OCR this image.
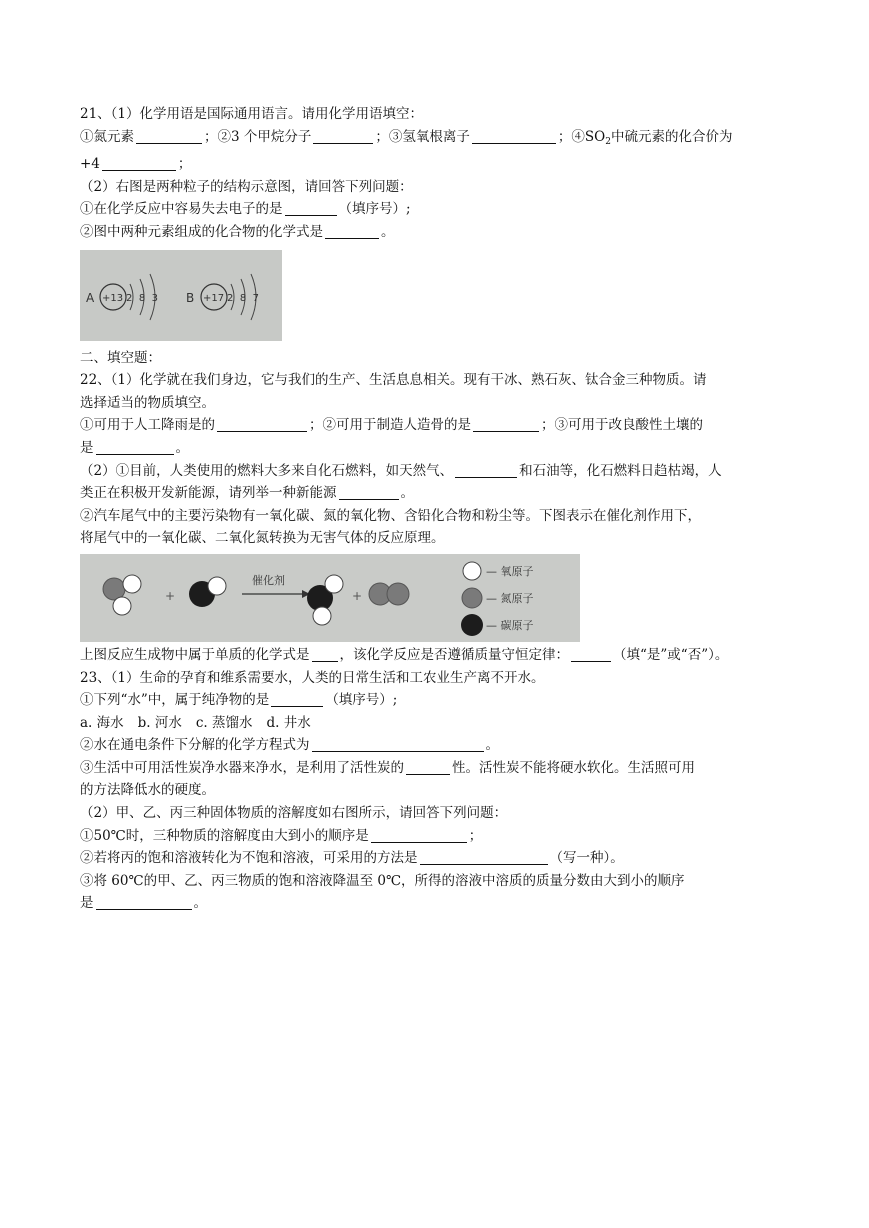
21、（1）化学用语是国际通用语言。请用化学用语填空：
①氮元素	；②3 个甲烷分子	；③氢氧根离子	；$④SO_2$中硫元素的化合价为
+4	；
（2）右图是两种粒子的结构示意图，请回答下列问题：
①在化学反应中容易失去电子的是	（填序号）;
②图中两种元素组成的化合物的化学式是	。
A +13 2 8 3 B +17 2 8 7
二、填空题：
22、（1）化学就在我们身边，它与我们的生产、生活息息相关。现有干冰、熟石灰、钛合金三种物质。请
选择适当的物质填空。
①可用于人工降雨是的	；②可用于制造人造骨的是	；③可用于改良酸性土壤的
是	。
（2）①目前，人类使用的燃料大多来自化石燃料，如天然气、	和石油等，化石燃料日趋枯竭，人
类正在积极开发新能源，请列举一种新能源	。
②汽车尾气中的主要污染物有一氧化碳、氮的氧化物、含铅化合物和粉尘等。下图表示在催化剂作用下，
将尾气中的一氧化碳、二氧化氮转换为无害气体的反应原理。
+
催化剂
+
— 氧原子
— 氮原子
— 碳原子
上图反应生成物中属于单质的化学式是 ，该化学反应是否遵循质量守恒定律：	（填“是”或“否”）。
23、（1）生命的孕育和维系需要水，人类的日常生活和工农业生产离不开水。
①下列“水”中，属于纯净物的是	（填序号）;
a. 海水 b. 河水 c. 蒸馏水 d. 井水
②水在通电条件下分解的化学方程式为	。
③生活中可用活性炭净水器来净水，是利用了活性炭的	性。活性炭不能将硬水软化。生活照可用
的方法降低水的硬度。
（2）甲、乙、丙三种固体物质的溶解度如右图所示，请回答下列问题：
①50℃时，三种物质的溶解度由大到小的顺序是	；
②若将丙的饱和溶液转化为不饱和溶液，可采用的方法是	（写一种）。
③将 60℃的甲、乙、丙三物质的饱和溶液降温至 0℃，所得的溶液中溶质的质量分数由大到小的顺序
是	。
